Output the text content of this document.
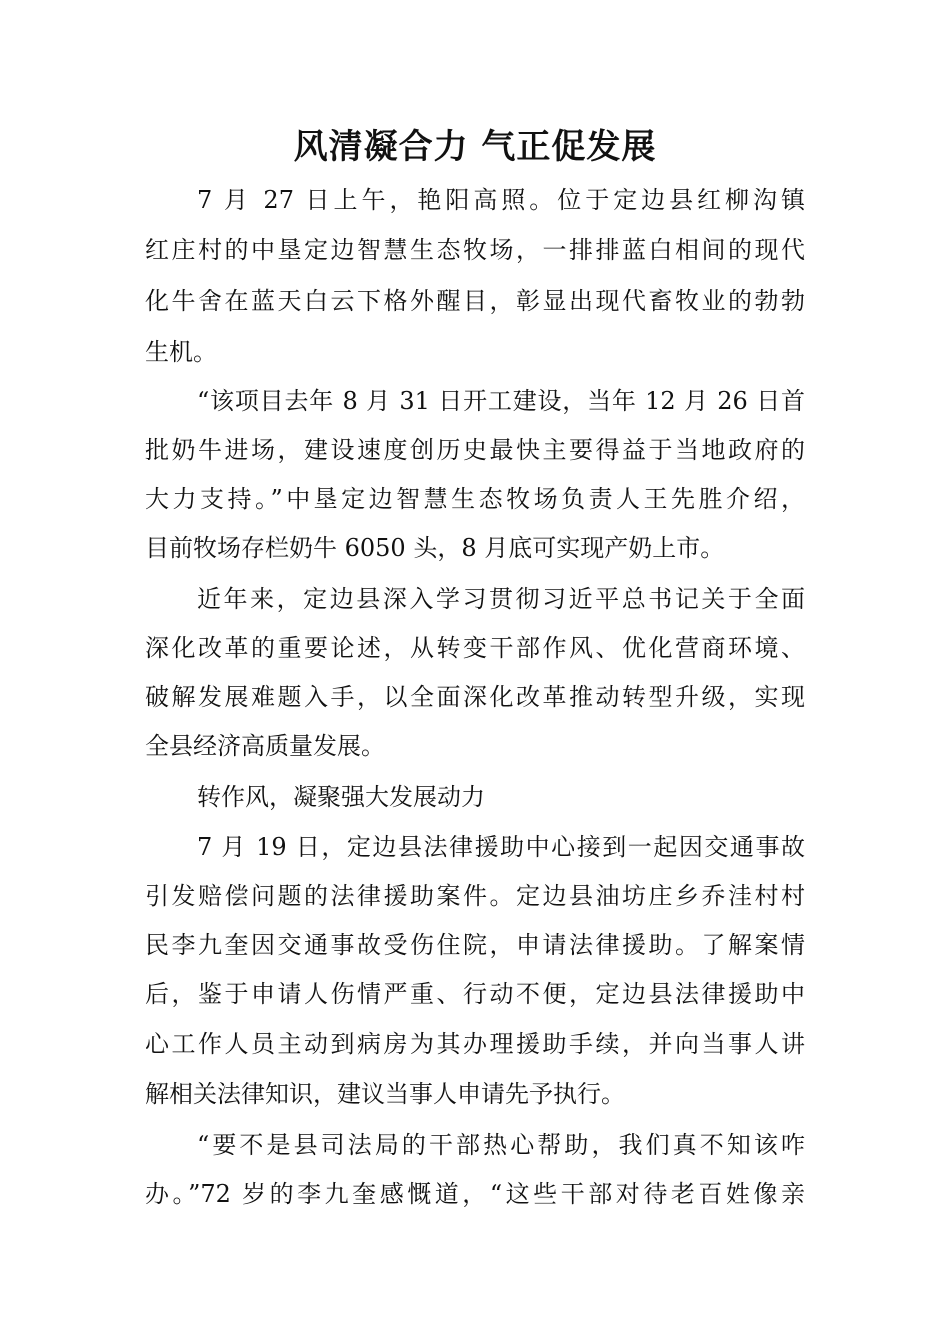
风清凝合力 气正促发展
7 月 27 日上午，艳阳高照。位于定边县红柳沟镇
红庄村的中垦定边智慧生态牧场，一排排蓝白相间的现代
化牛舍在蓝天白云下格外醒目，彰显出现代畜牧业的勃勃
生机。
“该项目去年 8 月 31 日开工建设，当年 12 月 26 日首
批奶牛进场，建设速度创历史最快主要得益于当地政府的
大力支持。”中垦定边智慧生态牧场负责人王先胜介绍，
目前牧场存栏奶牛 6050 头，8 月底可实现产奶上市。
近年来，定边县深入学习贯彻习近平总书记关于全面
深化改革的重要论述，从转变干部作风、优化营商环境、
破解发展难题入手，以全面深化改革推动转型升级，实现
全县经济高质量发展。
转作风，凝聚强大发展动力
7 月 19 日，定边县法律援助中心接到一起因交通事故
引发赔偿问题的法律援助案件。定边县油坊庄乡乔洼村村
民李九奎因交通事故受伤住院，申请法律援助。了解案情
后，鉴于申请人伤情严重、行动不便，定边县法律援助中
心工作人员主动到病房为其办理援助手续，并向当事人讲
解相关法律知识，建议当事人申请先予执行。
“要不是县司法局的干部热心帮助，我们真不知该咋
办。”72 岁的李九奎感慨道，“这些干部对待老百姓像亲
